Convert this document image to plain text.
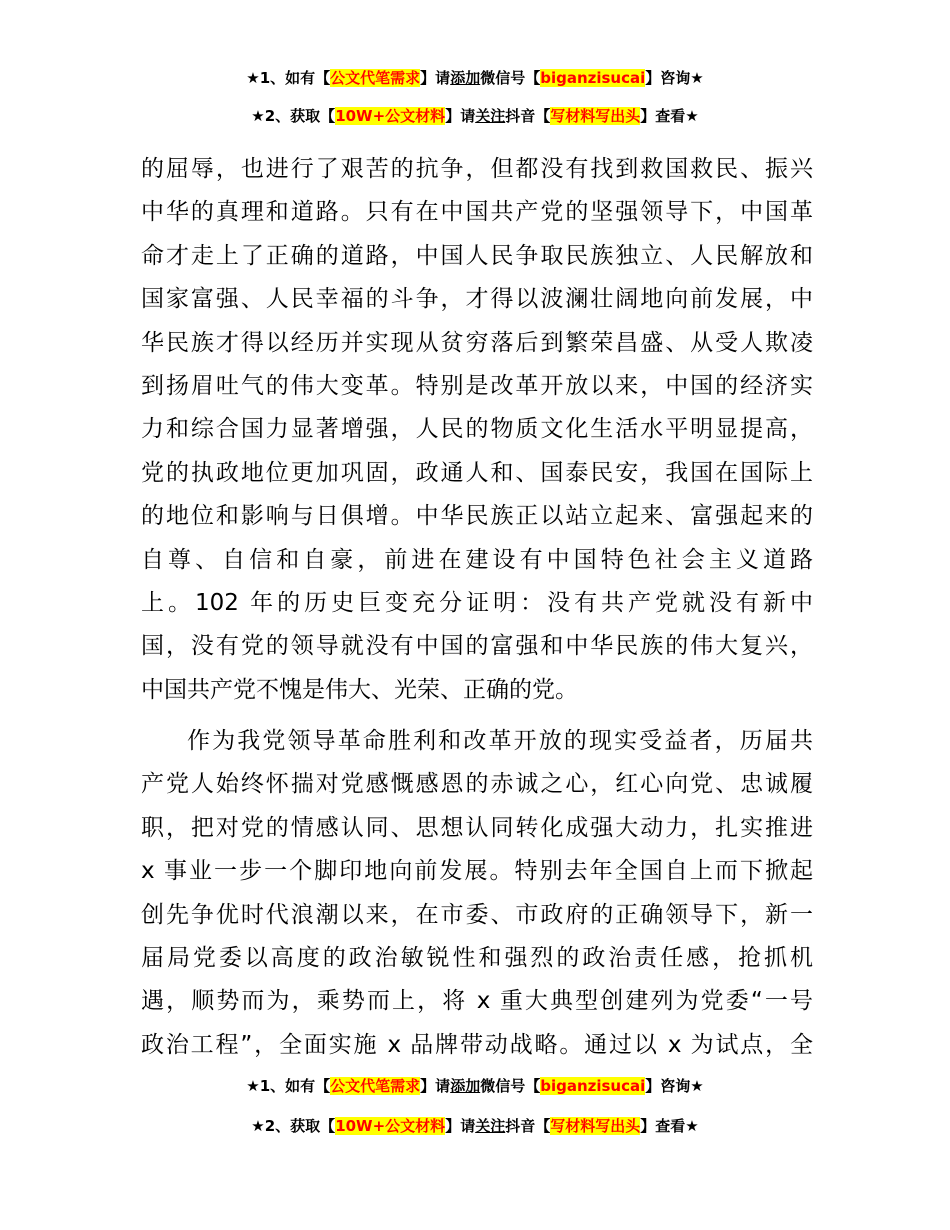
★1、如有【公文代笔需求】请添加微信号【biganzisucai】咨询★
★2、获取【10W+公文材料】请关注抖音【写材料写出头】查看★
的屈辱，也进行了艰苦的抗争，但都没有找到救国救民、振兴
中华的真理和道路。只有在中国共产党的坚强领导下，中国革
命才走上了正确的道路，中国人民争取民族独立、人民解放和
国家富强、人民幸福的斗争，才得以波澜壮阔地向前发展，中
华民族才得以经历并实现从贫穷落后到繁荣昌盛、从受人欺凌
到扬眉吐气的伟大变革。特别是改革开放以来，中国的经济实
力和综合国力显著增强，人民的物质文化生活水平明显提高，
党的执政地位更加巩固，政通人和、国泰民安，我国在国际上
的地位和影响与日俱增。中华民族正以站立起来、富强起来的
自尊、自信和自豪，前进在建设有中国特色社会主义道路
上。102 年的历史巨变充分证明：没有共产党就没有新中
国，没有党的领导就没有中国的富强和中华民族的伟大复兴，
中国共产党不愧是伟大、光荣、正确的党。
作为我党领导革命胜利和改革开放的现实受益者，历届共
产党人始终怀揣对党感慨感恩的赤诚之心，红心向党、忠诚履
职，把对党的情感认同、思想认同转化成强大动力，扎实推进
x 事业一步一个脚印地向前发展。特别去年全国自上而下掀起
创先争优时代浪潮以来，在市委、市政府的正确领导下，新一
届局党委以高度的政治敏锐性和强烈的政治责任感，抢抓机
遇，顺势而为，乘势而上，将 x 重大典型创建列为党委“一号
政治工程”，全面实施 x 品牌带动战略。通过以 x 为试点，全
★1、如有【公文代笔需求】请添加微信号【biganzisucai】咨询★
★2、获取【10W+公文材料】请关注抖音【写材料写出头】查看★
